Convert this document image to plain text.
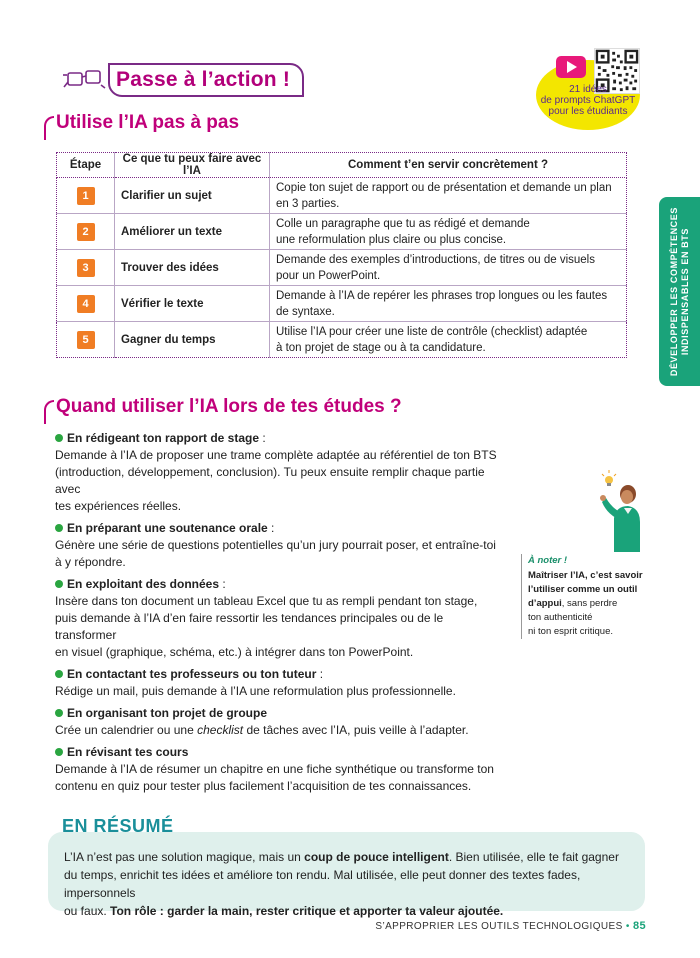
Passe à l’action !	21 idées
de prompts ChatGPT
pour les étudiants
Utilise l’IA pas à pas
Étape	Ce que tu peux faire avec l’IA	Comment t’en servir concrètement ?
1	Clarifier un sujet	Copie ton sujet de rapport ou de présentation et demande un plan
en 3 parties.

2	Améliorer un texte	Colle un paragraphe que tu as rédigé et demande
une reformulation plus claire ou plus concise.

3	Trouver des idées	Demande des exemples d’introductions, de titres ou de visuels
pour un PowerPoint.

4	Vérifier le texte	Demande à l’IA de repérer les phrases trop longues ou les fautes
de syntaxe.

5	Gagner du temps	Utilise l’IA pour créer une liste de contrôle (checklist) adaptée
à ton projet de stage ou à ta candidature.	DÉVELOPPER LES COMPÉTENCES INDISPENSABLES EN BTS
Quand utiliser l’IA lors de tes études ?
En rédigeant ton rapport de stage :
Demande à l’IA de proposer une trame complète adaptée au référentiel de ton BTS
(introduction, développement, conclusion). Tu peux ensuite remplir chaque partie avec
tes expériences réelles.
En préparant une soutenance orale :
Génère une série de questions potentielles qu’un jury pourrait poser, et entraîne-toi
à y répondre.
En exploitant des données :
Insère dans ton document un tableau Excel que tu as rempli pendant ton stage,
puis demande à l’IA d’en faire ressortir les tendances principales ou de le transformer
en visuel (graphique, schéma, etc.) à intégrer dans ton PowerPoint.
En contactant tes professeurs ou ton tuteur :
Rédige un mail, puis demande à l’IA une reformulation plus professionnelle.
En organisant ton projet de groupe
Crée un calendrier ou une checklist de tâches avec l’IA, puis veille à l’adapter.
En révisant tes cours
Demande à l’IA de résumer un chapitre en une fiche synthétique ou transforme ton
contenu en quiz pour tester plus facilement l’acquisition de tes connaissances.
À noter !
Maîtriser l’IA, c’est savoir
l’utiliser comme un outil
d’appui, sans perdre
ton authenticité
ni ton esprit critique.
L’IA n’est pas une solution magique, mais un coup de pouce intelligent. Bien utilisée, elle te fait gagner
du temps, enrichit tes idées et améliore ton rendu. Mal utilisée, elle peut donner des textes fades, impersonnels
ou faux. Ton rôle : garder la main, rester critique et apporter ta valeur ajoutée.
EN RÉSUMÉ
S’APPROPRIER LES OUTILS TECHNOLOGIQUES • 85
